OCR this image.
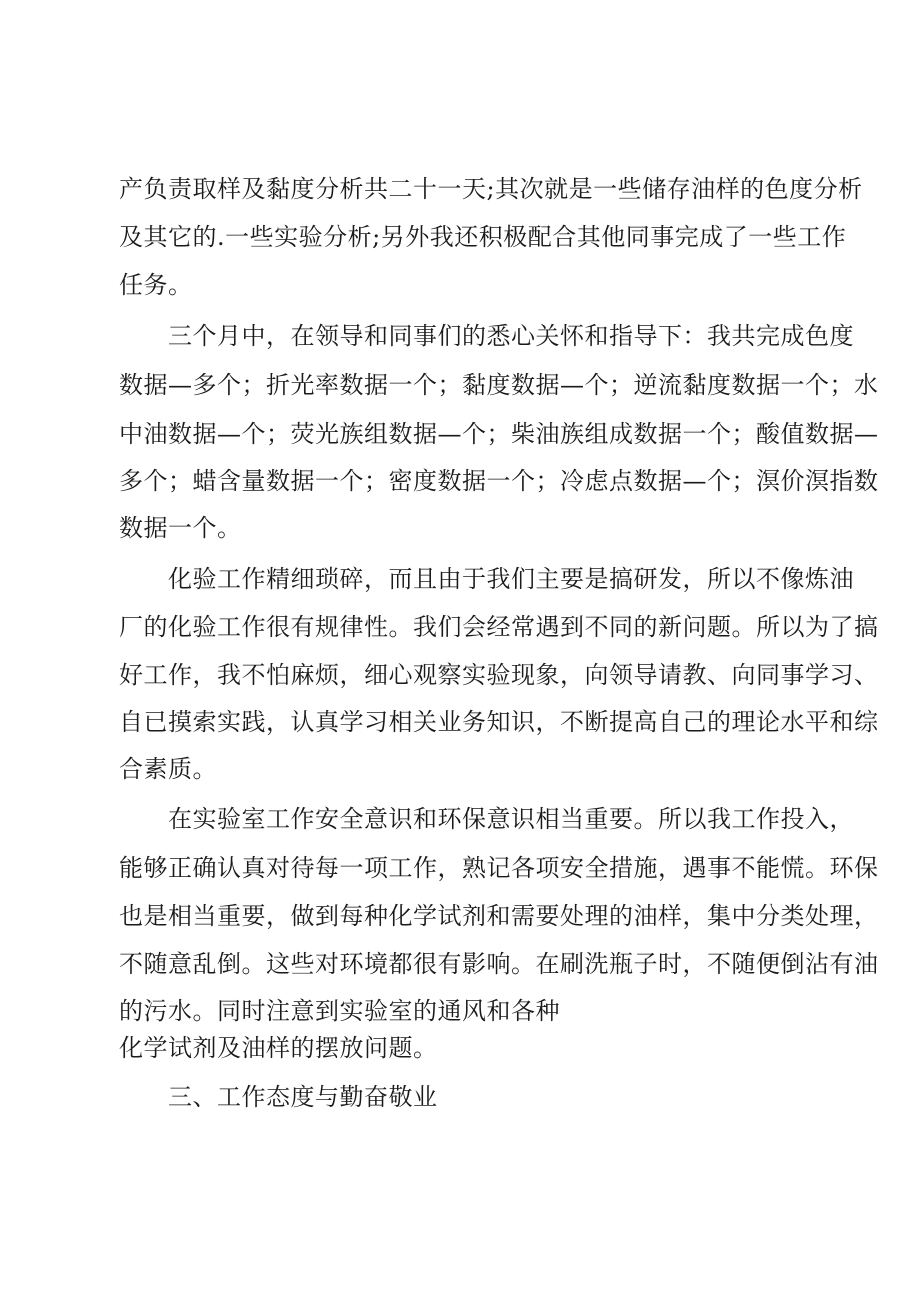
产负责取样及黏度分析共二十一天;其次就是一些储存油样的色度分析
及其它的.一些实验分析;另外我还积极配合其他同事完成了一些工作
任务。
三个月中，在领导和同事们的悉心关怀和指导下：我共完成色度
数据—多个；折光率数据一个；黏度数据—个；逆流黏度数据一个；水
中油数据—个；荧光族组数据—个；柴油族组成数据一个；酸值数据—
多个；蜡含量数据一个；密度数据一个；冷虑点数据—个；溟价溟指数
数据一个。
化验工作精细琐碎，而且由于我们主要是搞研发，所以不像炼油
厂的化验工作很有规律性。我们会经常遇到不同的新问题。所以为了搞
好工作，我不怕麻烦，细心观察实验现象，向领导请教、向同事学习、
自已摸索实践，认真学习相关业务知识，不断提高自己的理论水平和综
合素质。
在实验室工作安全意识和环保意识相当重要。所以我工作投入，
能够正确认真对待每一项工作，熟记各项安全措施，遇事不能慌。环保
也是相当重要，做到每种化学试剂和需要处理的油样，集中分类处理，
不随意乱倒。这些对环境都很有影响。在刷洗瓶子时，不随便倒沾有油
的污水。同时注意到实验室的通风和各种
化学试剂及油样的摆放问题。
三、工作态度与勤奋敬业
